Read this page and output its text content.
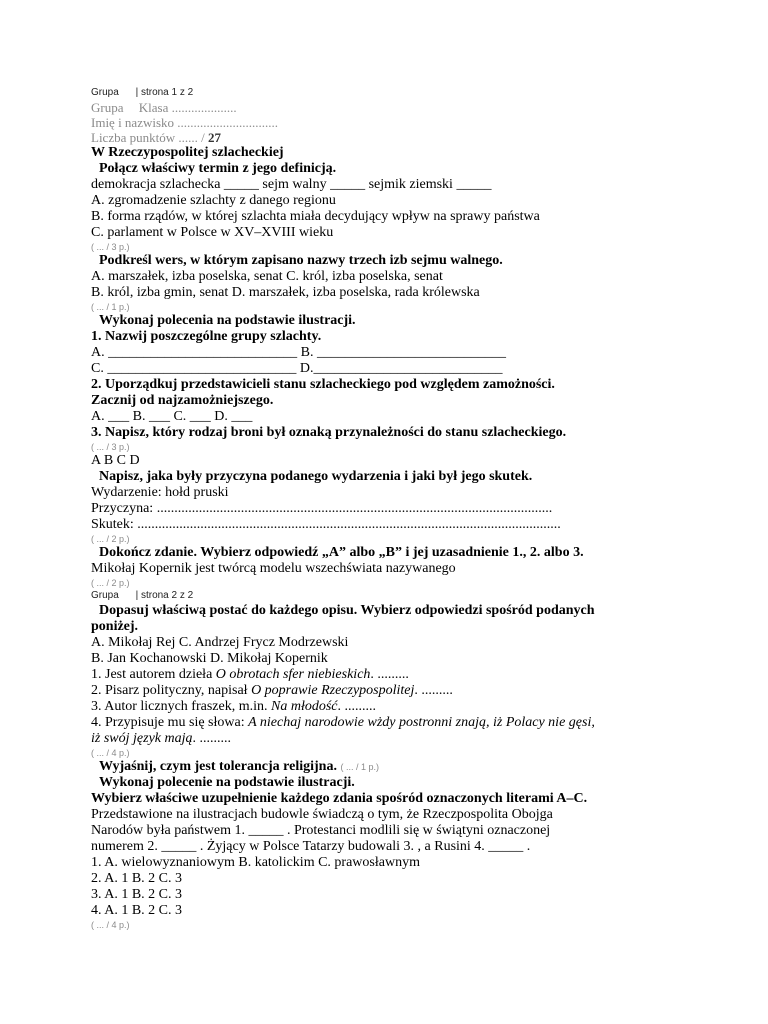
Grupa | strona 1 z 2
Grupa Klasa ....................
Imię i nazwisko ...............................
Liczba punktów ...... / 27
W Rzeczypospolitej szlacheckiej
Połącz właściwy termin z jego definicją.
demokracja szlachecka _____ sejm walny _____ sejmik ziemski _____
A. zgromadzenie szlachty z danego regionu
B. forma rządów, w której szlachta miała decydujący wpływ na sprawy państwa
C. parlament w Polsce w XV–XVIII wieku
( ... / 3 p.)
Podkreśl wers, w którym zapisano nazwy trzech izb sejmu walnego.
A. marszałek, izba poselska, senat C. król, izba poselska, senat
B. król, izba gmin, senat D. marszałek, izba poselska, rada królewska
( ... / 1 p.)
Wykonaj polecenia na podstawie ilustracji.
1. Nazwij poszczególne grupy szlachty.
A. ___________________________ B. ___________________________
C. ___________________________ D.___________________________
2. Uporządkuj przedstawicieli stanu szlacheckiego pod względem zamożności.
Zacznij od najzamożniejszego.
A. ___ B. ___ C. ___ D. ___
3. Napisz, który rodzaj broni był oznaką przynależności do stanu szlacheckiego.
( ... / 3 p.)
A B C D
Napisz, jaka były przyczyna podanego wydarzenia i jaki był jego skutek.
Wydarzenie: hołd pruski
Przyczyna: .................................................................................................................
Skutek: .........................................................................................................................
( ... / 2 p.)
Dokończ zdanie. Wybierz odpowiedź „A” albo „B” i jej uzasadnienie 1., 2. albo 3.
Mikołaj Kopernik jest twórcą modelu wszechświata nazywanego
( ... / 2 p.)
Grupa | strona 2 z 2
Dopasuj właściwą postać do każdego opisu. Wybierz odpowiedzi spośród podanych
poniżej.
A. Mikołaj Rej C. Andrzej Frycz Modrzewski
B. Jan Kochanowski D. Mikołaj Kopernik
1. Jest autorem dzieła O obrotach sfer niebieskich. .........
2. Pisarz polityczny, napisał O poprawie Rzeczypospolitej. .........
3. Autor licznych fraszek, m.in. Na młodość. .........
4. Przypisuje mu się słowa: A niechaj narodowie wżdy postronni znają, iż Polacy nie gęsi,
iż swój język mają. .........
( ... / 4 p.)
Wyjaśnij, czym jest tolerancja religijna. ( ... / 1 p.)
Wykonaj polecenie na podstawie ilustracji.
Wybierz właściwe uzupełnienie każdego zdania spośród oznaczonych literami A–C.
Przedstawione na ilustracjach budowle świadczą o tym, że Rzeczpospolita Obojga
Narodów była państwem 1. _____ . Protestanci modlili się w świątyni oznaczonej
numerem 2. _____ . Żyjący w Polsce Tatarzy budowali 3. , a Rusini 4. _____ .
1. A. wielowyznaniowym B. katolickim C. prawosławnym
2. A. 1 B. 2 C. 3
3. A. 1 B. 2 C. 3
4. A. 1 B. 2 C. 3
( ... / 4 p.)
